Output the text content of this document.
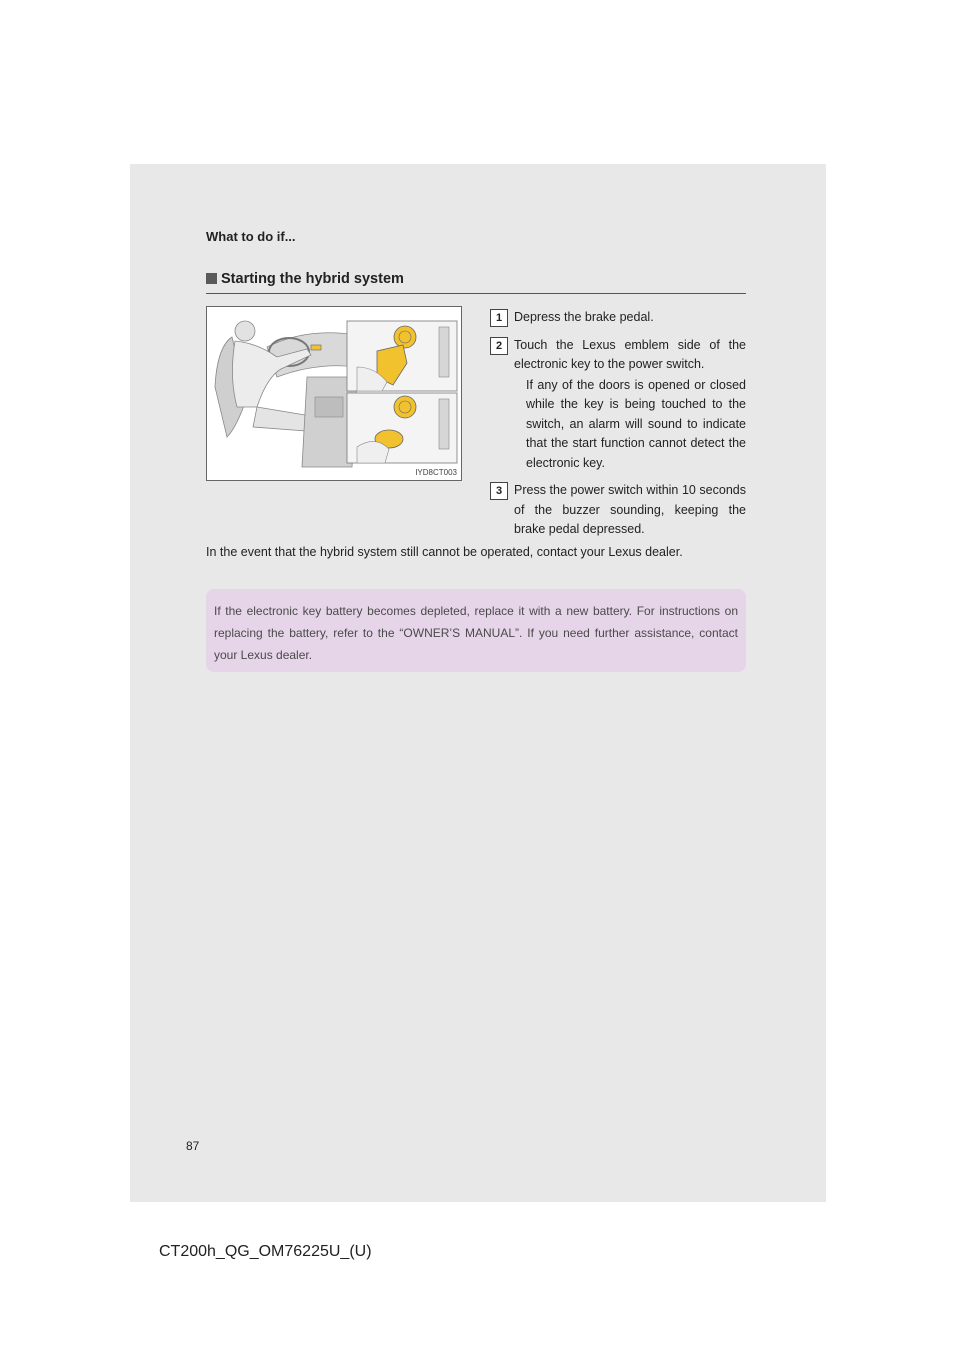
What to do if...
Starting the hybrid system
IYD8CT003
1 Depress the brake pedal.
2 Touch the Lexus emblem side of the electronic key to the power switch.
If any of the doors is opened or closed while the key is being touched to the switch, an alarm will sound to indicate that the start function cannot detect the electronic key.
3 Press the power switch within 10 seconds of the buzzer sounding, keeping the brake pedal depressed.
In the event that the hybrid system still cannot be operated, contact your Lexus dealer.
If the electronic key battery becomes depleted, replace it with a new battery. For instructions on replacing the battery, refer to the “OWNER’S MANUAL”. If you need further assistance, contact your Lexus dealer.
87
CT200h_QG_OM76225U_(U)
